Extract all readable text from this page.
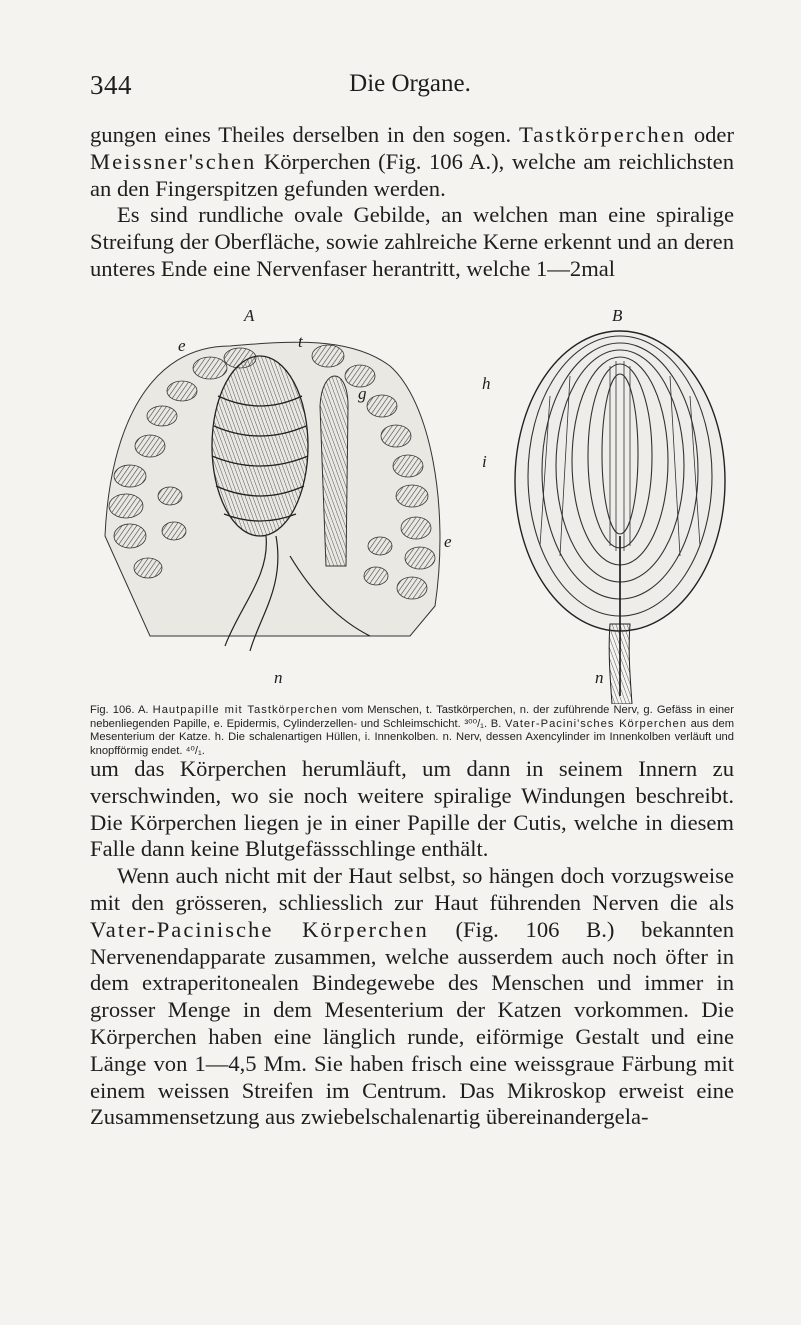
344	Die Organe.

gungen eines Theiles derselben in den sogen. Tastkörperchen oder Meissner'schen Körperchen (Fig. 106 A.), welche am reichlichsten an den Fingerspitzen gefunden werden.

Es sind rundliche ovale Gebilde, an welchen man eine spiralige Streifung der Oberfläche, sowie zahlreiche Kerne erkennt und an deren unteres Ende eine Nervenfaser herantritt, welche 1—2mal

A	B
e	t
g
e
n
h
i
n
Fig. 106. A. Hautpapille mit Tastkörperchen vom Menschen, t. Tastkörperchen, n. der zuführende Nerv, g. Gefäss in einer nebenliegenden Papille, e. Epidermis, Cylinderzellen- und Schleimschicht. ³⁰⁰/₁. B. Vater-Pacini'sches Körperchen aus dem Mesenterium der Katze. h. Die schalenartigen Hüllen, i. Innenkolben. n. Nerv, dessen Axencylinder im Innenkolben verläuft und knopfförmig endet. ⁴⁰/₁.

um das Körperchen herumläuft, um dann in seinem Innern zu verschwinden, wo sie noch weitere spiralige Windungen beschreibt. Die Körperchen liegen je in einer Papille der Cutis, welche in diesem Falle dann keine Blutgefässschlinge enthält.

Wenn auch nicht mit der Haut selbst, so hängen doch vorzugsweise mit den grösseren, schliesslich zur Haut führenden Nerven die als Vater-Pacinische Körperchen (Fig. 106 B.) bekannten Nervenendapparate zusammen, welche ausserdem auch noch öfter in dem extraperitonealen Bindegewebe des Menschen und immer in grosser Menge in dem Mesenterium der Katzen vorkommen. Die Körperchen haben eine länglich runde, eiförmige Gestalt und eine Länge von 1—4,5 Mm. Sie haben frisch eine weissgraue Färbung mit einem weissen Streifen im Centrum. Das Mikroskop erweist eine Zusammensetzung aus zwiebelschalenartig übereinandergela-
